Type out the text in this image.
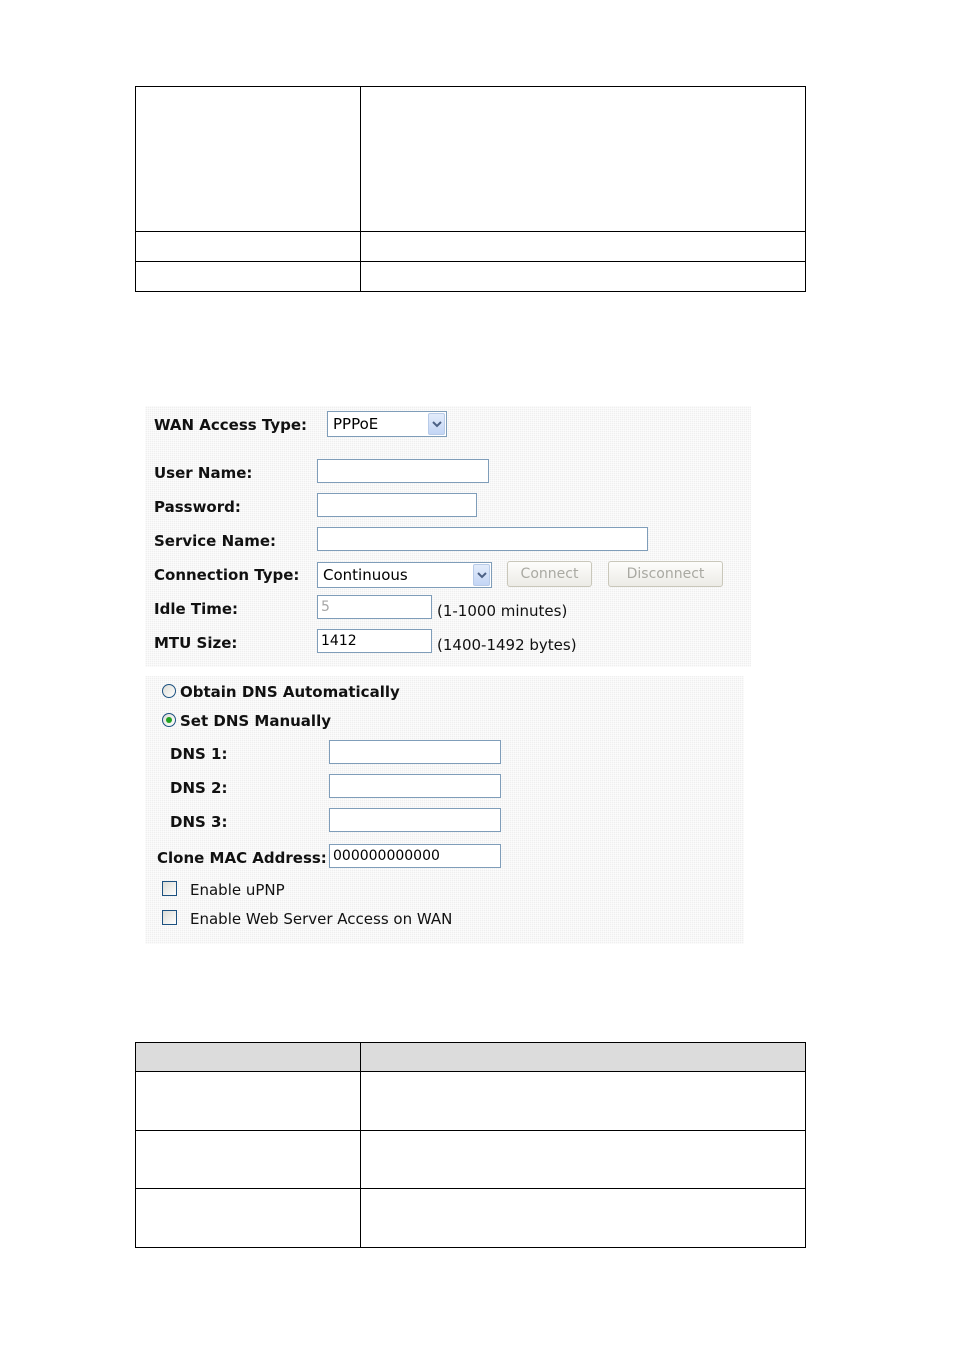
WAN Access Type:	PPPoE
User Name:
Password:
Service Name:
Connection Type:	Continuous	Connect	Disconnect
Idle Time:	5	(1-1000 minutes)
MTU Size:	1412	(1400-1492 bytes)
Obtain DNS Automatically
Set DNS Manually
DNS 1:
DNS 2:
DNS 3:
Clone MAC Address: 000000000000
Enable uPNP
Enable Web Server Access on WAN
